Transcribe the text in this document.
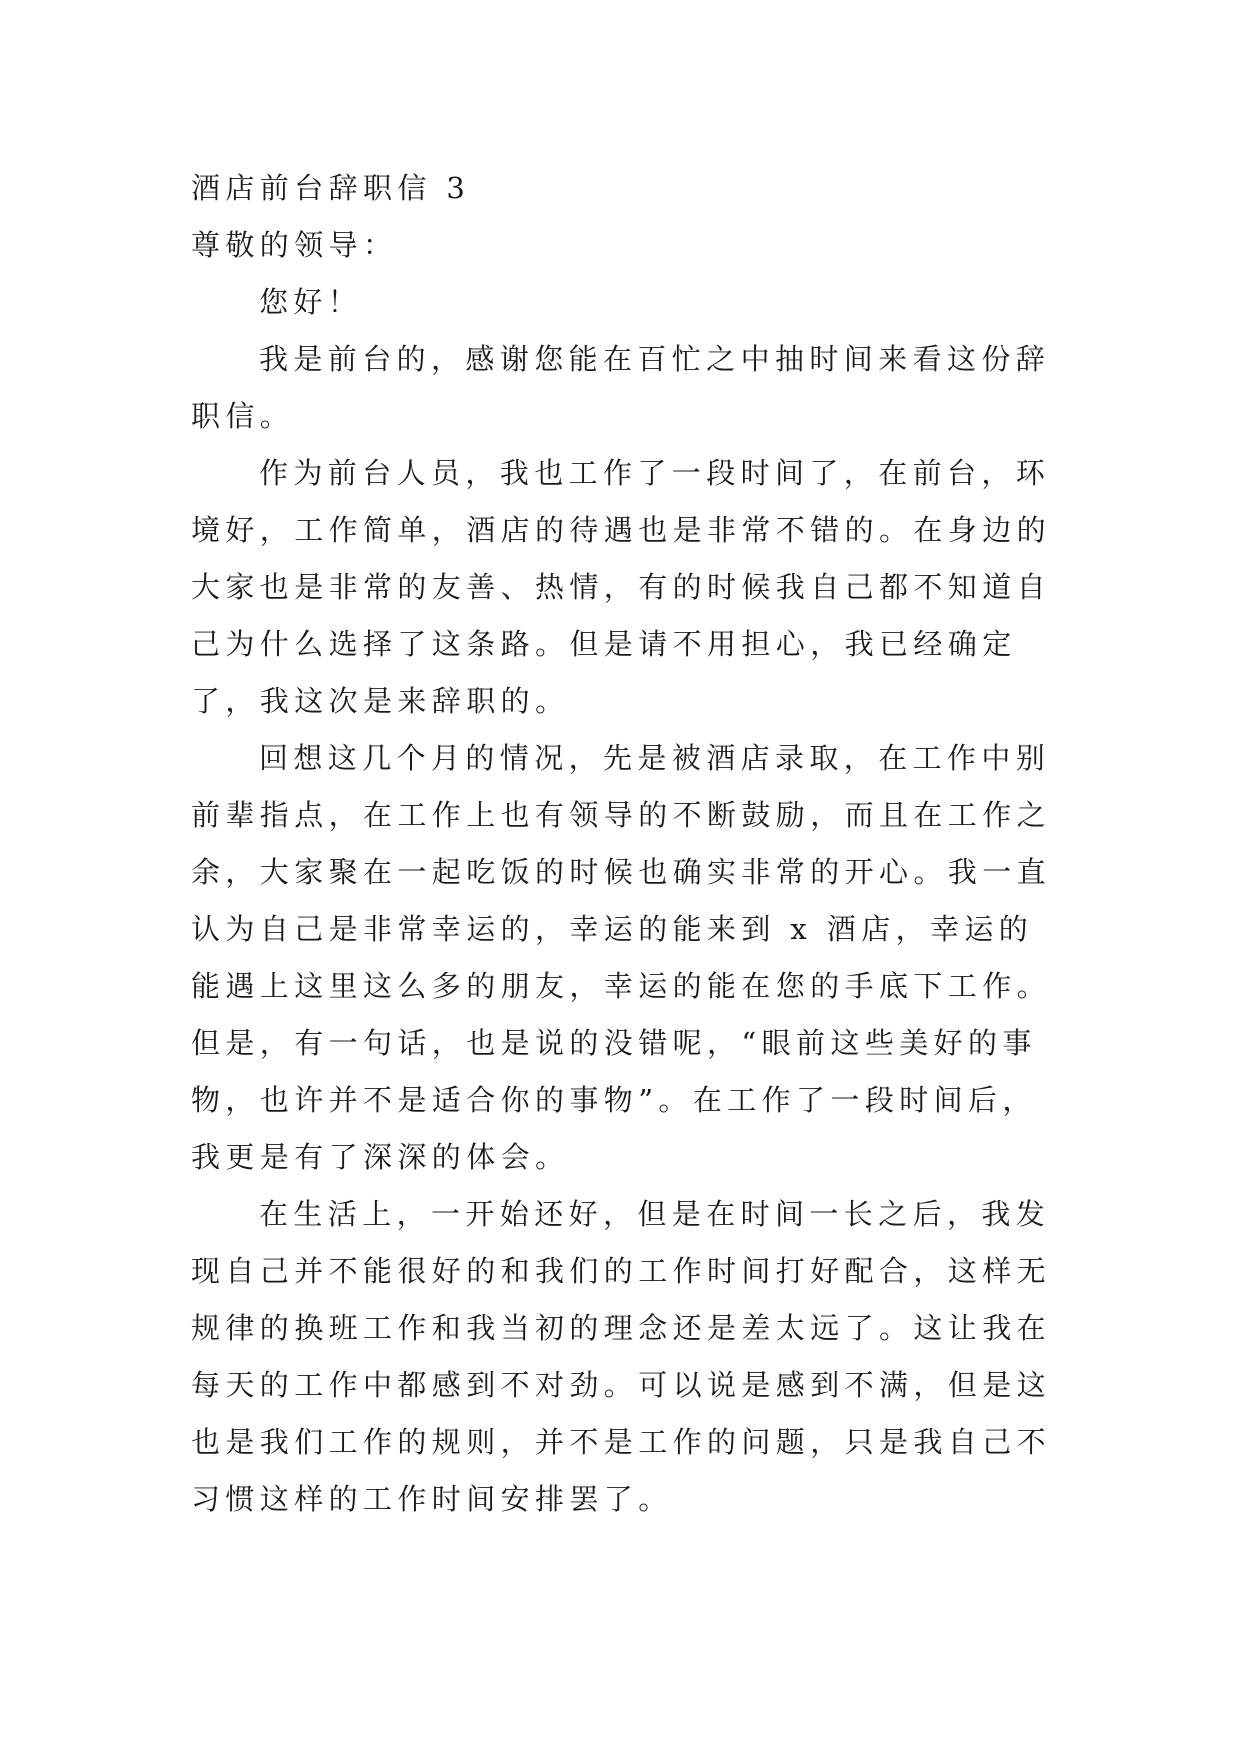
酒店前台辞职信 3

尊敬的领导：

您好！

我是前台的，感谢您能在百忙之中抽时间来看这份辞职信。

作为前台人员，我也工作了一段时间了，在前台，环境好，工作简单，酒店的待遇也是非常不错的。在身边的大家也是非常的友善、热情，有的时候我自己都不知道自己为什么选择了这条路。但是请不用担心，我已经确定了，我这次是来辞职的。

回想这几个月的情况，先是被酒店录取，在工作中别前辈指点，在工作上也有领导的不断鼓励，而且在工作之余，大家聚在一起吃饭的时候也确实非常的开心。我一直认为自己是非常幸运的，幸运的能来到 x 酒店，幸运的能遇上这里这么多的朋友，幸运的能在您的手底下工作。但是，有一句话，也是说的没错呢，“眼前这些美好的事物，也许并不是适合你的事物”。在工作了一段时间后，我更是有了深深的体会。

在生活上，一开始还好，但是在时间一长之后，我发现自己并不能很好的和我们的工作时间打好配合，这样无规律的换班工作和我当初的理念还是差太远了。这让我在每天的工作中都感到不对劲。可以说是感到不满，但是这也是我们工作的规则，并不是工作的问题，只是我自己不习惯这样的工作时间安排罢了。
